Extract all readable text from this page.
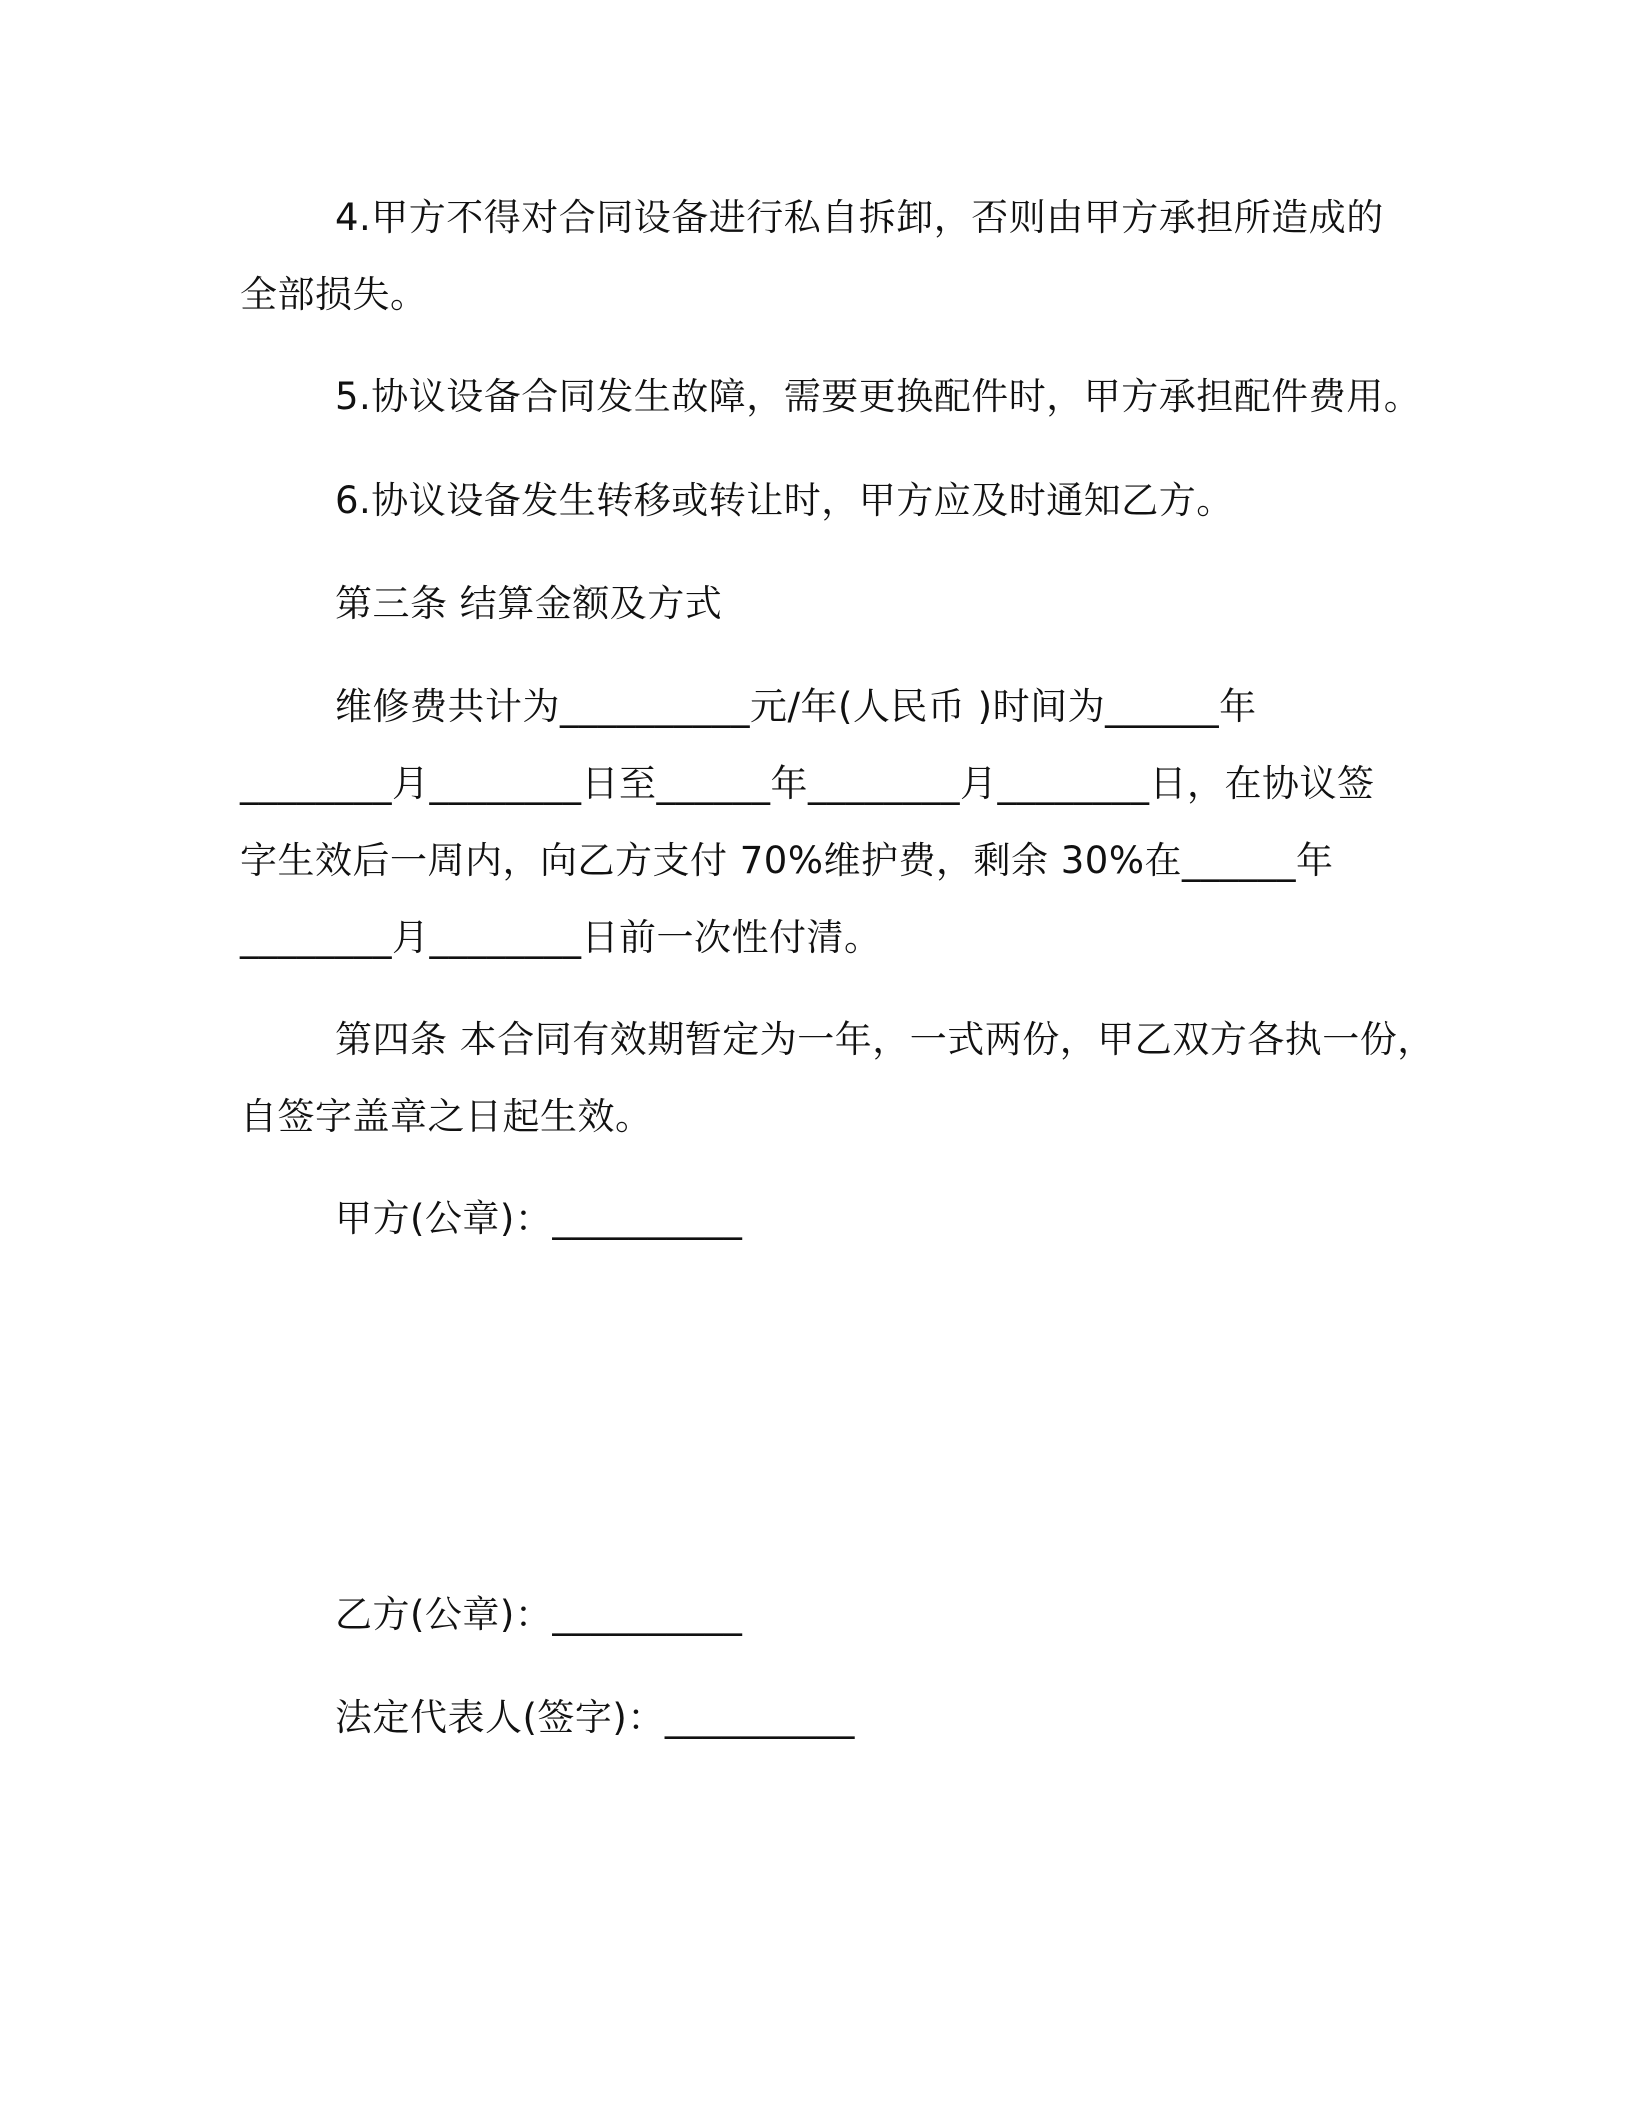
4.甲方不得对合同设备进行私自拆卸，否则由甲方承担所造成的
全部损失。
5.协议设备合同发生故障，需要更换配件时，甲方承担配件费用。
6.协议设备发生转移或转让时，甲方应及时通知乙方。
第三条 结算金额及方式
维修费共计为__________元/年(人民币 )时间为______年
________月________日至______年________月________日，在协议签
字生效后一周内，向乙方支付 70%维护费，剩余 30%在______年
________月________日前一次性付清。
第四条 本合同有效期暂定为一年，一式两份，甲乙双方各执一份，
自签字盖章之日起生效。
甲方(公章)：__________
乙方(公章)：__________
法定代表人(签字)：__________
